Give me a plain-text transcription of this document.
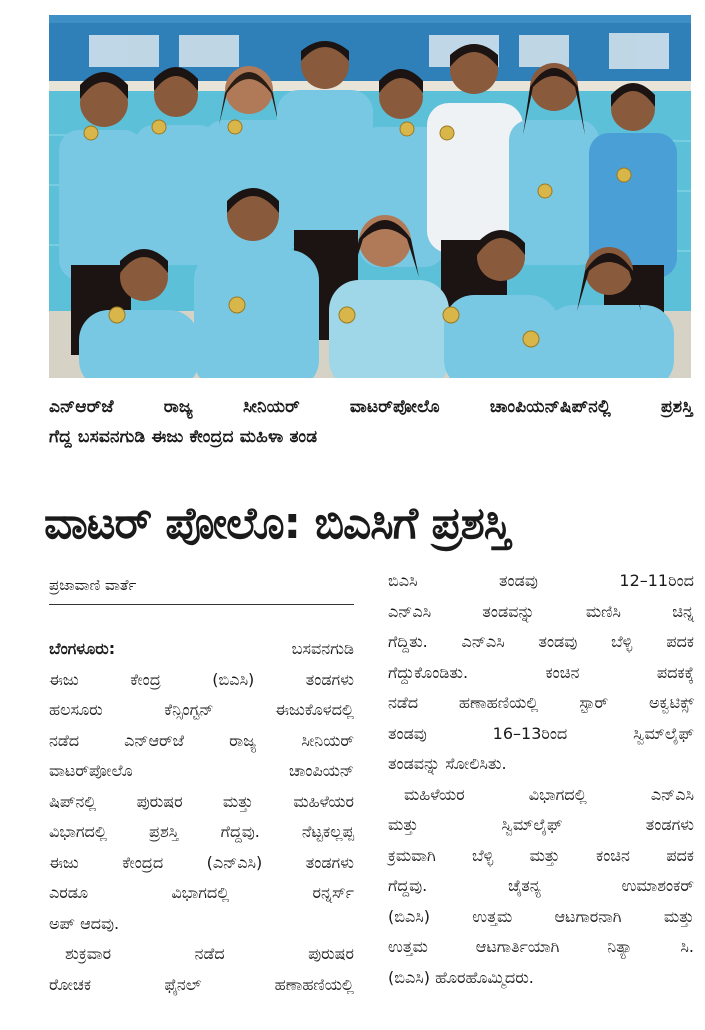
ಎನ್ಆರ್‌ಜೆ ರಾಜ್ಯ ಸೀನಿಯರ್ ವಾಟರ್‌ಪೋಲೊ ಚಾಂಪಿಯನ್‌ಷಿಪ್‌ನಲ್ಲಿ ಪ್ರಶಸ್ತಿ
ಗೆದ್ದ ಬಸವನಗುಡಿ ಈಜು ಕೇಂದ್ರದ ಮಹಿಳಾ ತಂಡ
ವಾಟರ್ ಪೋಲೊ: ಬಿಎಸಿಗೆ ಪ್ರಶಸ್ತಿ
ಪ್ರಜಾವಾಣಿ ವಾರ್ತೆ
ಬೆಂಗಳೂರು:	ಬಸವನಗುಡಿ
ಈಜು ಕೇಂದ್ರ (ಬಿಎಸಿ) ತಂಡಗಳು
ಹಲಸೂರು ಕೆನ್ಸಿಂಗ್ಟನ್ ಈಜುಕೊಳದಲ್ಲಿ
ನಡೆದ ಎನ್‌ಆರ್‌ಜೆ ರಾಜ್ಯ ಸೀನಿಯರ್
ವಾಟರ್‌ಪೋಲೊ ಚಾಂಪಿಯನ್
ಷಿಪ್‌ನಲ್ಲಿ ಪುರುಷರ ಮತ್ತು ಮಹಿಳೆಯರ
ವಿಭಾಗದಲ್ಲಿ ಪ್ರಶಸ್ತಿ ಗೆದ್ದವು. ನೆಟ್ಟಕಲ್ಲಪ್ಪ
ಈಜು ಕೇಂದ್ರದ (ಎನ್‌ಎಸಿ) ತಂಡಗಳು
ಎರಡೂ ವಿಭಾಗದಲ್ಲಿ ರನ್ನರ್ಸ್
ಅಪ್ ಆದವು.
ಶುಕ್ರವಾರ ನಡೆದ ಪುರುಷರ
ರೋಚಕ ಫೈನಲ್ ಹಣಾಹಣಿಯಲ್ಲಿ
ಬಿಎಸಿ ತಂಡವು 12–11ರಿಂದ
ಎನ್‌ಎಸಿ ತಂಡವನ್ನು ಮಣಿಸಿ ಚಿನ್ನ
ಗೆದ್ದಿತು. ಎನ್‌ಎಸಿ ತಂಡವು ಬೆಳ್ಳಿ ಪದಕ
ಗೆದ್ದುಕೊಂಡಿತು. ಕಂಚಿನ ಪದಕಕ್ಕೆ
ನಡೆದ ಹಣಾಹಣಿಯಲ್ಲಿ ಸ್ಟಾರ್ ಅಕ್ವಟಿಕ್ಸ್
ತಂಡವು 16–13ರಿಂದ ಸ್ವಿಮ್‌ಲೈಫ್
ತಂಡವನ್ನು ಸೋಲಿಸಿತು.
ಮಹಿಳೆಯರ ವಿಭಾಗದಲ್ಲಿ ಎನ್‌ಎಸಿ
ಮತ್ತು ಸ್ವಿಮ್‌ಲೈಫ್ ತಂಡಗಳು
ಕ್ರಮವಾಗಿ ಬೆಳ್ಳಿ ಮತ್ತು ಕಂಚಿನ ಪದಕ
ಗೆದ್ದವು. ಚೈತನ್ಯ ಉಮಾಶಂಕರ್
(ಬಿಎಸಿ) ಉತ್ತಮ ಆಟಗಾರನಾಗಿ ಮತ್ತು
ಉತ್ತಮ ಆಟಗಾರ್ತಿಯಾಗಿ ನಿತ್ಯಾ ಸಿ.
(ಬಿಎಸಿ) ಹೊರಹೊಮ್ಮಿದರು.
